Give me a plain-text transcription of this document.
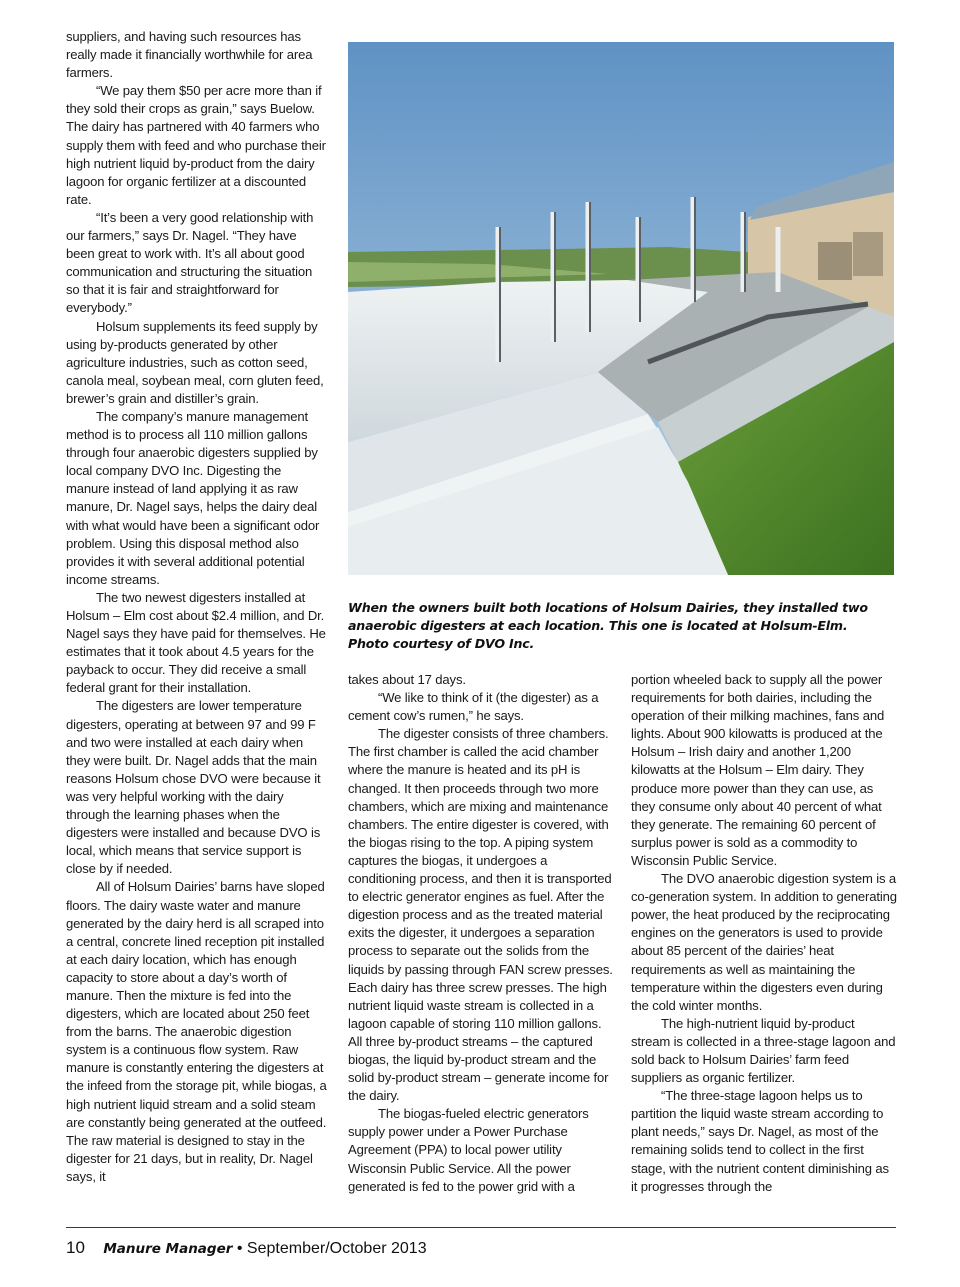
suppliers, and having such resources has really made it financially worthwhile for area farmers.

“We pay them $50 per acre more than if they sold their crops as grain,” says Buelow. The dairy has partnered with 40 farmers who supply them with feed and who purchase their high nutrient liquid by-product from the dairy lagoon for organic fertilizer at a discounted rate.

“It’s been a very good relationship with our farmers,” says Dr. Nagel. “They have been great to work with. It’s all about good communication and structuring the situation so that it is fair and straightforward for everybody.”

Holsum supplements its feed supply by using by-products generated by other agriculture industries, such as cotton seed, canola meal, soybean meal, corn gluten feed, brewer’s grain and distiller’s grain.

The company’s manure management method is to process all 110 million gallons through four anaerobic digesters supplied by local company DVO Inc. Digesting the manure instead of land applying it as raw manure, Dr. Nagel says, helps the dairy deal with what would have been a significant odor problem. Using this disposal method also provides it with several additional potential income streams.

The two newest digesters installed at Holsum – Elm cost about $2.4 million, and Dr. Nagel says they have paid for themselves. He estimates that it took about 4.5 years for the payback to occur. They did receive a small federal grant for their installation.

The digesters are lower temperature digesters, operating at between 97 and 99 F and two were installed at each dairy when they were built. Dr. Nagel adds that the main reasons Holsum chose DVO were because it was very helpful working with the dairy through the learning phases when the digesters were installed and because DVO is local, which means that service support is close by if needed.

All of Holsum Dairies’ barns have sloped floors. The dairy waste water and manure generated by the dairy herd is all scraped into a central, concrete lined reception pit installed at each dairy location, which has enough capacity to store about a day’s worth of manure. Then the mixture is fed into the digesters, which are located about 250 feet from the barns. The anaerobic digestion system is a continuous flow system. Raw manure is constantly entering the digesters at the infeed from the storage pit, while biogas, a high nutrient liquid stream and a solid steam are constantly being generated at the outfeed. The raw material is designed to stay in the digester for 21 days, but in reality, Dr. Nagel says, it

When the owners built both locations of Holsum Dairies, they installed two
anaerobic digesters at each location. This one is located at Holsum-Elm.
Photo courtesy of DVO Inc.

takes about 17 days.

“We like to think of it (the digester) as a cement cow’s rumen,” he says.

The digester consists of three chambers. The first chamber is called the acid chamber where the manure is heated and its pH is changed. It then proceeds through two more chambers, which are mixing and maintenance chambers. The entire digester is covered, with the biogas rising to the top. A piping system captures the biogas, it undergoes a conditioning process, and then it is transported to electric generator engines as fuel. After the digestion process and as the treated material exits the digester, it undergoes a separation process to separate out the solids from the liquids by passing through FAN screw presses. Each dairy has three screw presses. The high nutrient liquid waste stream is collected in a lagoon capable of storing 110 million gallons. All three by-product streams – the captured biogas, the liquid by-product stream and the solid by-product stream – generate income for the dairy.

The biogas-fueled electric generators supply power under a Power Purchase Agreement (PPA) to local power utility Wisconsin Public Service. All the power generated is fed to the power grid with a

portion wheeled back to supply all the power requirements for both dairies, including the operation of their milking machines, fans and lights. About 900 kilowatts is produced at the Holsum – Irish dairy and another 1,200 kilowatts at the Holsum – Elm dairy. They produce more power than they can use, as they consume only about 40 percent of what they generate. The remaining 60 percent of surplus power is sold as a commodity to Wisconsin Public Service.

The DVO anaerobic digestion system is a co-generation system. In addition to generating power, the heat produced by the reciprocating engines on the generators is used to provide about 85 percent of the dairies’ heat requirements as well as maintaining the temperature within the digesters even during the cold winter months.

The high-nutrient liquid by-product stream is collected in a three-stage lagoon and sold back to Holsum Dairies’ farm feed suppliers as organic fertilizer.

“The three-stage lagoon helps us to partition the liquid waste stream according to plant needs,” says Dr. Nagel, as most of the remaining solids tend to collect in the first stage, with the nutrient content diminishing as it progresses through the

10 Manure Manager • September/October 2013
